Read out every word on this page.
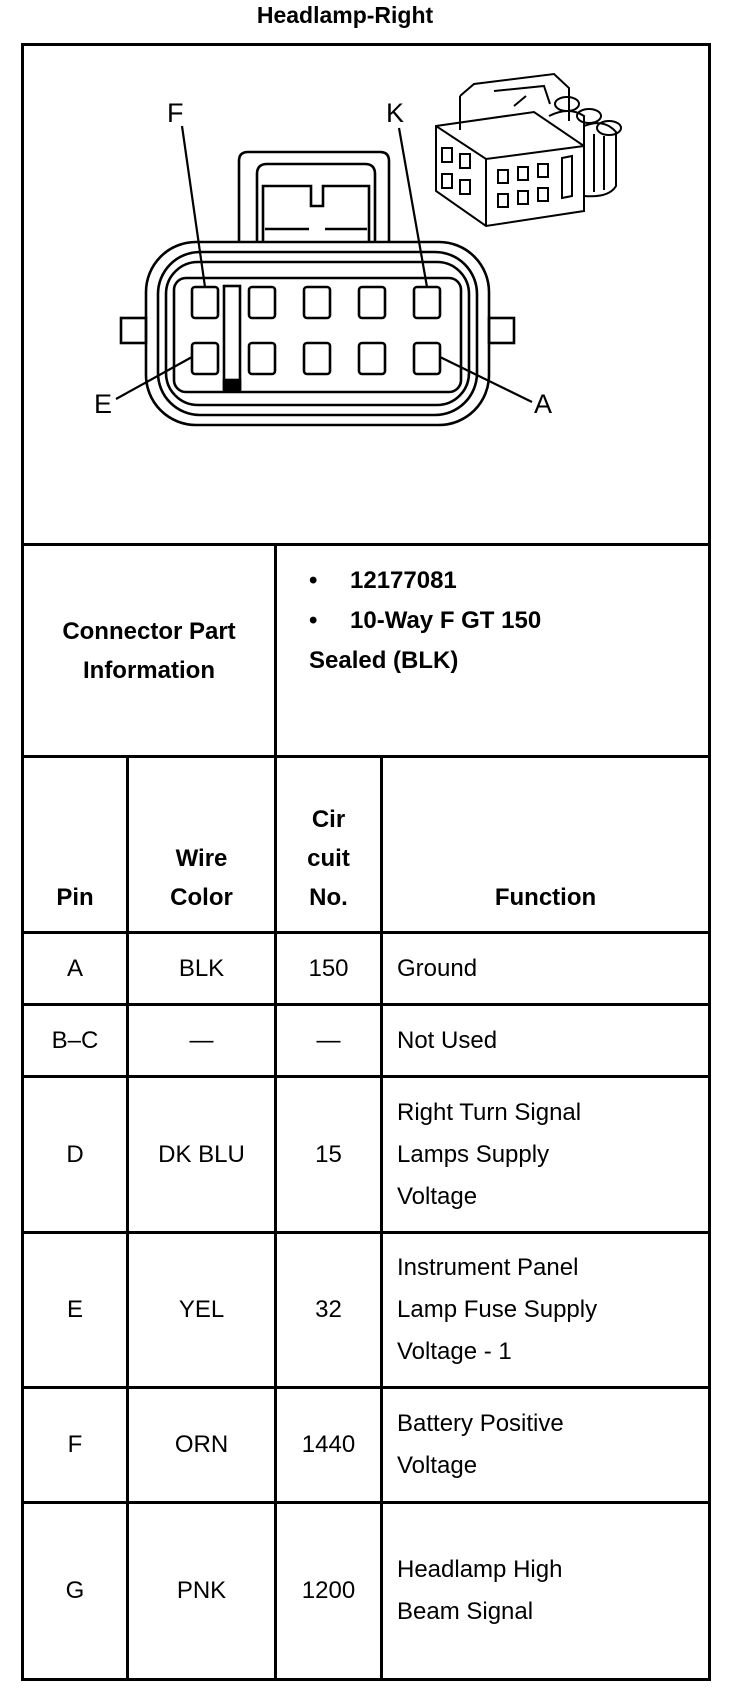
Headlamp-Right
F	K
E	A
Connector Part
Information
•	12177081
•	10-Way F GT 150
Sealed (BLK)
Pin
Wire
Color
Cir
cuit
No.	Function
A	BLK	150	Ground
B–C	—	—	Not Used
D	DK BLU	15
Right Turn Signal
Lamps Supply
Voltage
E	YEL	32
Instrument Panel
Lamp Fuse Supply
Voltage - 1
F	ORN	1440
Battery Positive
Voltage
G	PNK	1200
Headlamp High
Beam Signal
